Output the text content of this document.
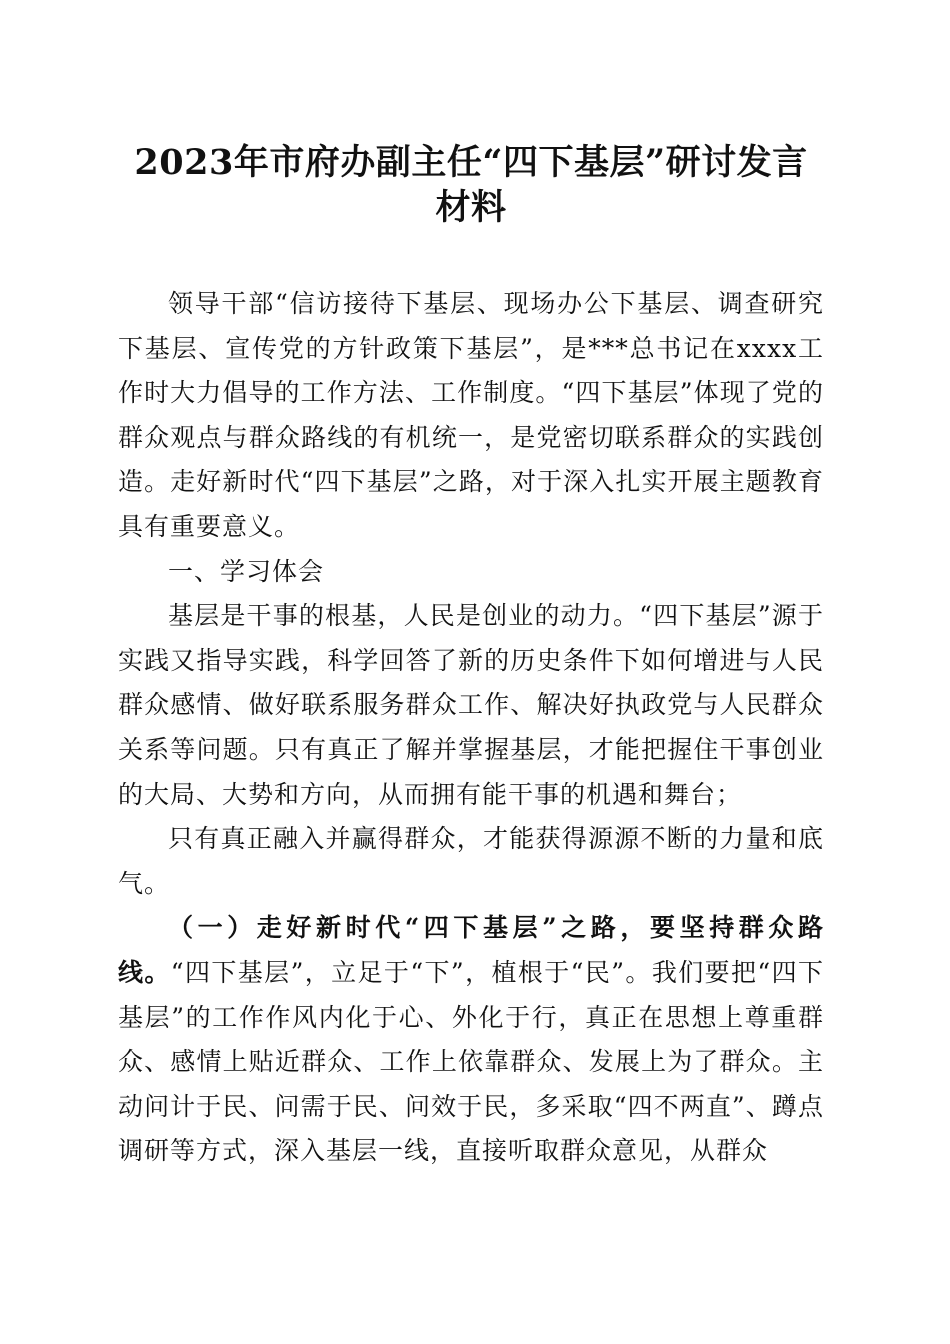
2023年市府办副主任“四下基层”研讨发言材料

领导干部“信访接待下基层、现场办公下基层、调查研究下基层、宣传党的方针政策下基层”，是***总书记在xxxx工作时大力倡导的工作方法、工作制度。“四下基层”体现了党的群众观点与群众路线的有机统一，是党密切联系群众的实践创造。走好新时代“四下基层”之路，对于深入扎实开展主题教育具有重要意义。

一、学习体会

基层是干事的根基，人民是创业的动力。“四下基层”源于实践又指导实践，科学回答了新的历史条件下如何增进与人民群众感情、做好联系服务群众工作、解决好执政党与人民群众关系等问题。只有真正了解并掌握基层，才能把握住干事创业的大局、大势和方向，从而拥有能干事的机遇和舞台；

只有真正融入并赢得群众，才能获得源源不断的力量和底气。

（一）走好新时代“四下基层”之路，要坚持群众路线。“四下基层”，立足于“下”，植根于“民”。我们要把“四下基层”的工作作风内化于心、外化于行，真正在思想上尊重群众、感情上贴近群众、工作上依靠群众、发展上为了群众。主动问计于民、问需于民、问效于民，多采取“四不两直”、蹲点调研等方式，深入基层一线，直接听取群众意见，从群众
